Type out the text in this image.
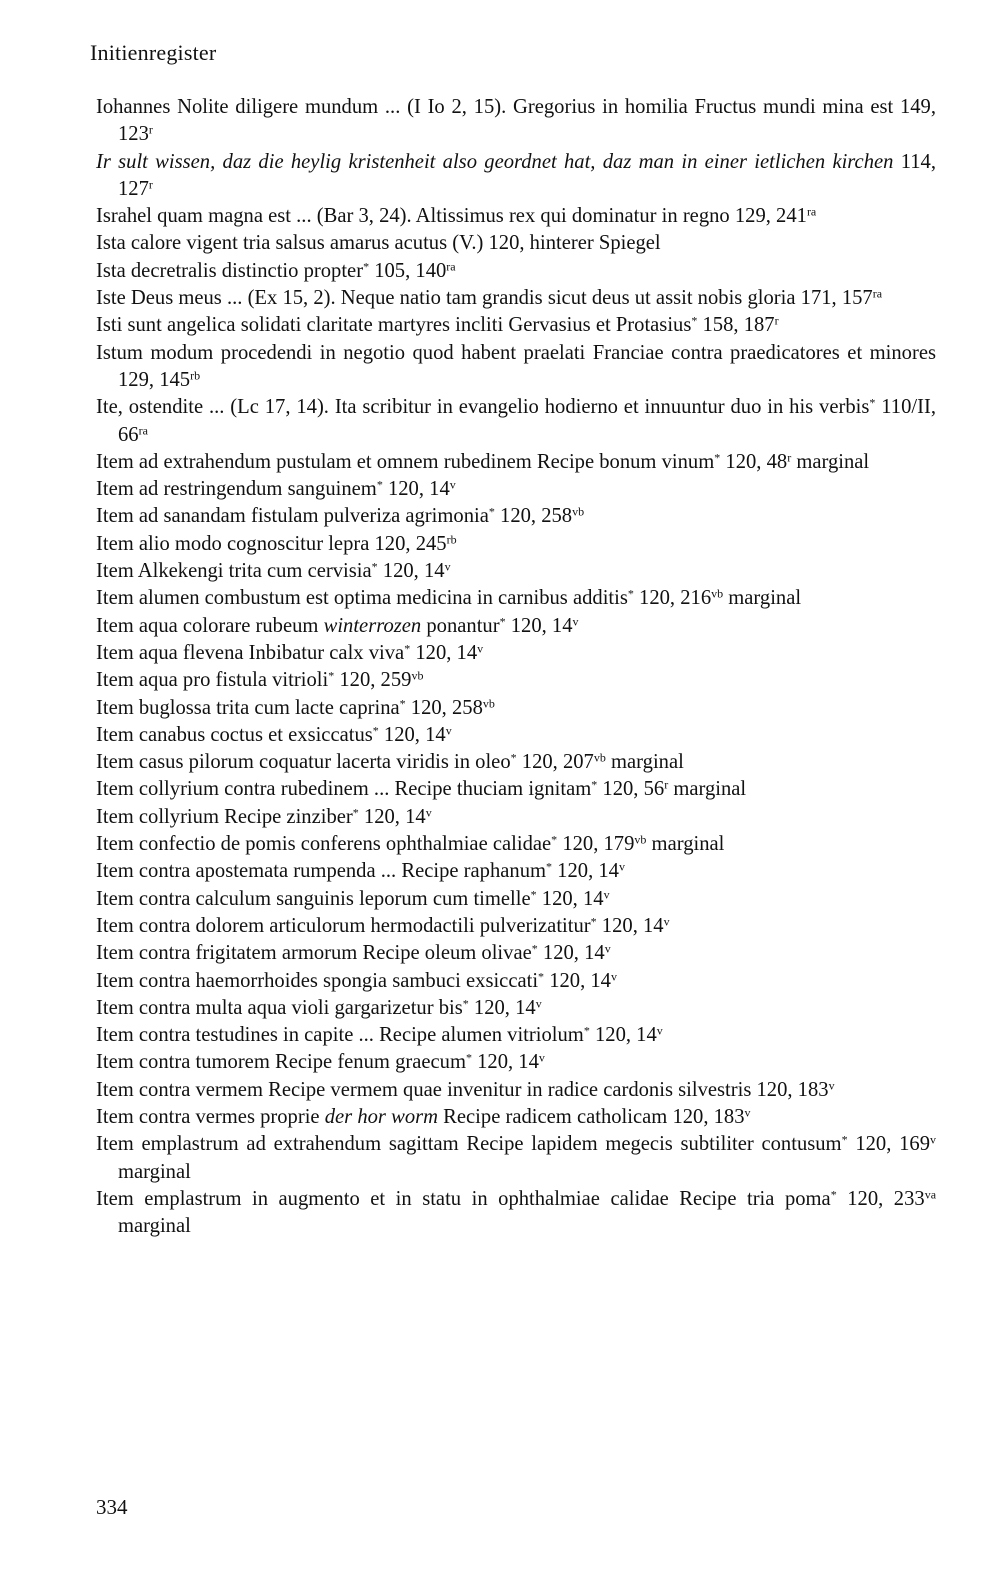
Initienregister
Iohannes Nolite diligere mundum ... (I Io 2, 15). Gregorius in homilia Fructus mundi mina est 149, 123$^r$
Ir sult wissen, daz die heylig kristenheit also geordnet hat, daz man in einer ietlichen kirchen 114, 127$^r$
Israhel quam magna est ... (Bar 3, 24). Altissimus rex qui dominatur in regno 129, $241^{ra}$
Ista calore vigent tria salsus amarus acutus (V.) 120, hinterer Spiegel
Ista decretralis distinctio propter* 105, $140^{ra}$
Iste Deus meus ... (Ex 15, 2). Neque natio tam grandis sicut deus ut assit nobis gloria 171, $157^{ra}$
Isti sunt angelica solidati claritate martyres incliti Gervasius et Protasius* 158, 187$^r$
Istum modum procedendi in negotio quod habent praelati Franciae contra praedicatores et minores 129, $145^{rb}$
Ite, ostendite ... (Lc 17, 14). Ita scribitur in evangelio hodierno et innuuntur duo in his verbis* 110/II, $66^{ra}$
Item ad extrahendum pustulam et omnem rubedinem Recipe bonum vinum* 120, 48$^r$ marginal
Item ad restringendum sanguinem* 120, 14$^v$
Item ad sanandam fistulam pulveriza agrimonia* 120, $258^{vb}$
Item alio modo cognoscitur lepra 120, $245^{rb}$
Item Alkekengi trita cum cervisia* 120, 14$^v$
Item alumen combustum est optima medicina in carnibus additis* 120, $216^{vb}$ marginal
Item aqua colorare rubeum winterrozen ponantur* 120, 14$^v$
Item aqua flevena Inbibatur calx viva* 120, 14$^v$
Item aqua pro fistula vitrioli* 120, $259^{vb}$
Item buglossa trita cum lacte caprina* 120, $258^{vb}$
Item canabus coctus et exsiccatus* 120, 14$^v$
Item casus pilorum coquatur lacerta viridis in oleo* 120, $207^{vb}$ marginal
Item collyrium contra rubedinem ... Recipe thuciam ignitam* 120, 56$^r$ marginal
Item collyrium Recipe zinziber* 120, 14$^v$
Item confectio de pomis conferens ophthalmiae calidae* 120, $179^{vb}$ marginal
Item contra apostemata rumpenda ... Recipe raphanum* 120, 14$^v$
Item contra calculum sanguinis leporum cum timelle* 120, 14$^v$
Item contra dolorem articulorum hermodactili pulverizatitur* 120, 14$^v$
Item contra frigitatem armorum Recipe oleum olivae* 120, 14$^v$
Item contra haemorrhoides spongia sambuci exsiccati* 120, 14$^v$
Item contra multa aqua violi gargarizetur bis* 120, 14$^v$
Item contra testudines in capite ... Recipe alumen vitriolum* 120, 14$^v$
Item contra tumorem Recipe fenum graecum* 120, 14$^v$
Item contra vermem Recipe vermem quae invenitur in radice cardonis silvestris 120, 183$^v$
Item contra vermes proprie der hor worm Recipe radicem catholicam 120, 183$^v$
Item emplastrum ad extrahendum sagittam Recipe lapidem megecis subtiliter contusum* 120, 169$^v$ marginal
Item emplastrum in augmento et in statu in ophthalmiae calidae Recipe tria poma* 120, $233^{va}$ marginal
334
